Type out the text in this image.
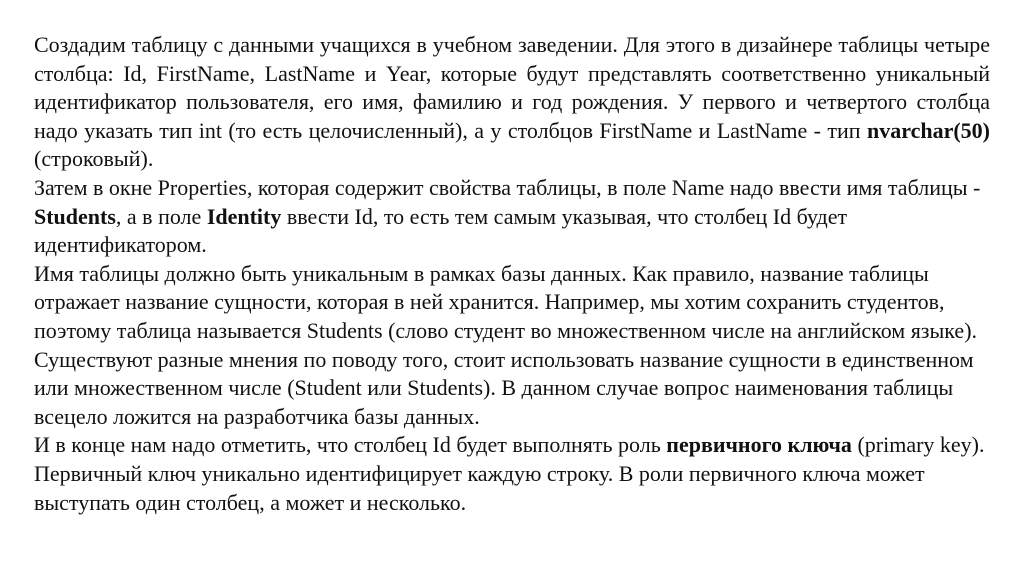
Создадим таблицу с данными учащихся в учебном заведении. Для этого в дизайнере таблицы четыре столбца: Id, FirstName, LastName и Year, которые будут представлять соответственно уникальный идентификатор пользователя, его имя, фамилию и год рождения. У первого и четвертого столбца надо указать тип int (то есть целочисленный), а у столбцов FirstName и LastName - тип nvarchar(50) (строковый).

Затем в окне Properties, которая содержит свойства таблицы, в поле Name надо ввести имя таблицы - Students, а в поле Identity ввести Id, то есть тем самым указывая, что столбец Id будет идентификатором.

Имя таблицы должно быть уникальным в рамках базы данных. Как правило, название таблицы отражает название сущности, которая в ней хранится. Например, мы хотим сохранить студентов, поэтому таблица называется Students (слово студент во множественном числе на английском языке). Существуют разные мнения по поводу того, стоит использовать название сущности в единственном или множественном числе (Student или Students). В данном случае вопрос наименования таблицы всецело ложится на разработчика базы данных.

И в конце нам надо отметить, что столбец Id будет выполнять роль первичного ключа (primary key). Первичный ключ уникально идентифицирует каждую строку. В роли первичного ключа может выступать один столбец, а может и несколько.
